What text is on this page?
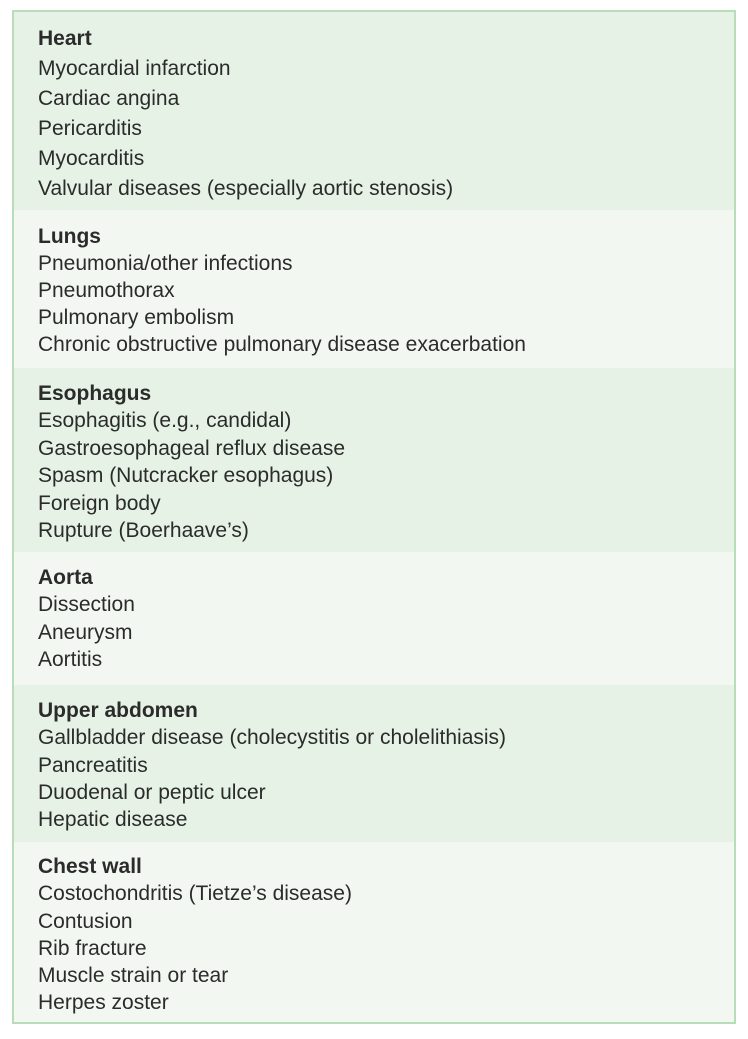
Heart
Myocardial infarction
Cardiac angina
Pericarditis
Myocarditis
Valvular diseases (especially aortic stenosis)
Lungs
Pneumonia/other infections
Pneumothorax
Pulmonary embolism
Chronic obstructive pulmonary disease exacerbation
Esophagus
Esophagitis (e.g., candidal)
Gastroesophageal reflux disease
Spasm (Nutcracker esophagus)
Foreign body
Rupture (Boerhaave’s)
Aorta
Dissection
Aneurysm
Aortitis
Upper abdomen
Gallbladder disease (cholecystitis or cholelithiasis)
Pancreatitis
Duodenal or peptic ulcer
Hepatic disease
Chest wall
Costochondritis (Tietze’s disease)
Contusion
Rib fracture
Muscle strain or tear
Herpes zoster
